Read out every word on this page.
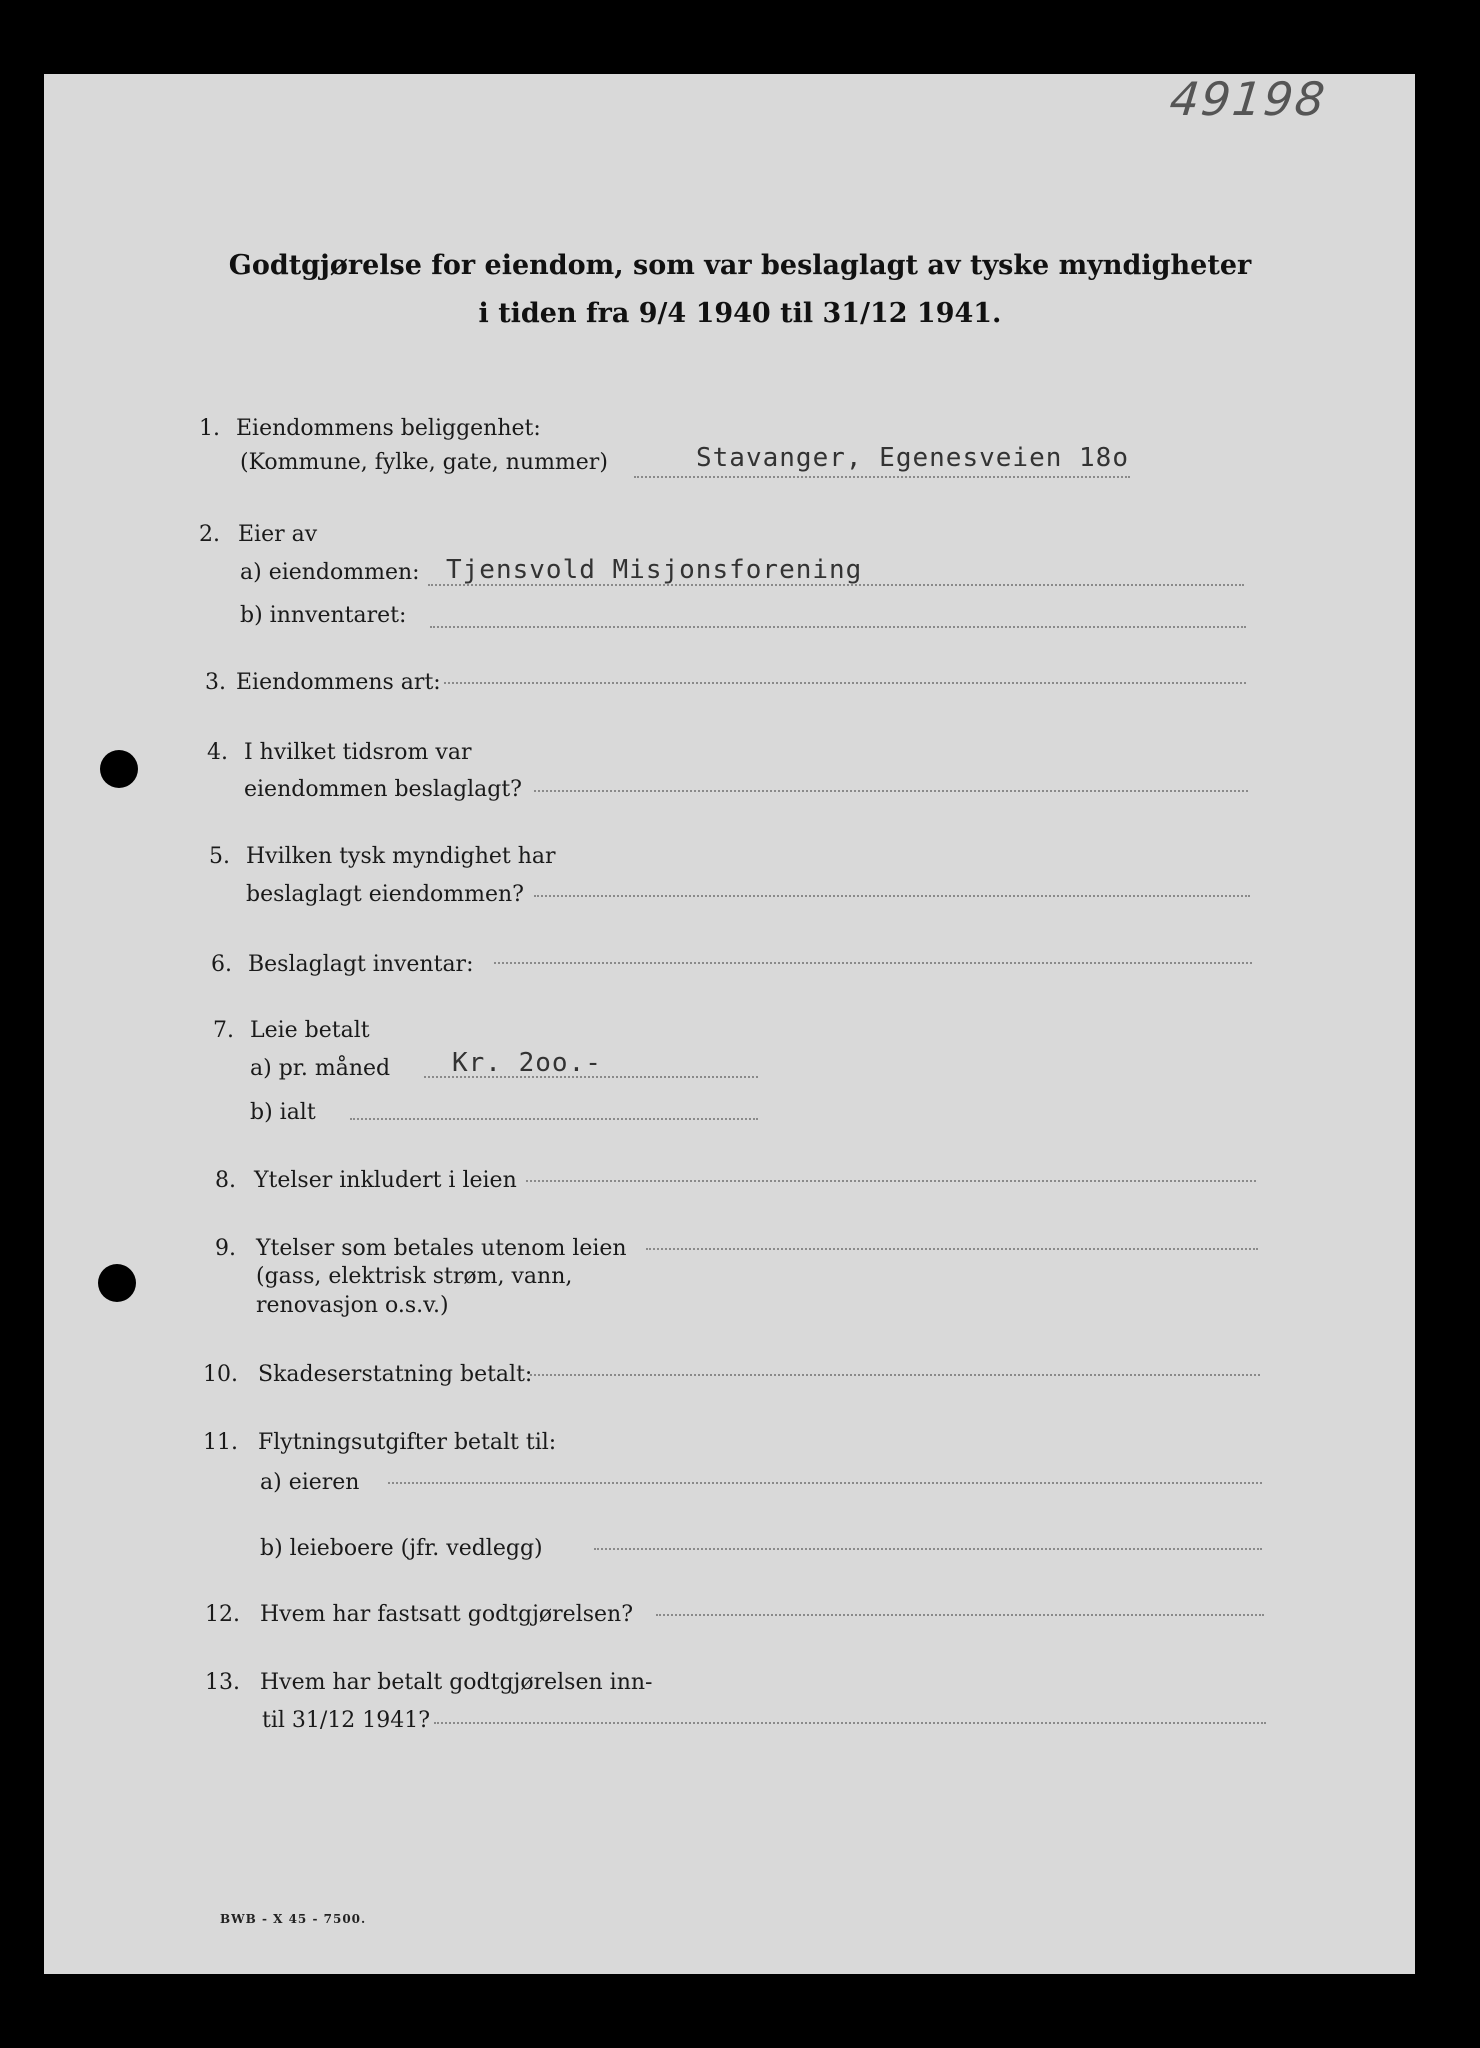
49198
Godtgjørelse for eiendom, som var beslaglagt av tyske myndigheter
i tiden fra 9/4 1940 til 31/12 1941.
1. Eiendommens beliggenhet:
(Kommune, fylke, gate, nummer)	Stavanger, Egenesveien 18o
2. Eier av
a) eiendommen: Tjensvold Misjonsforening
b) innventaret:
3. Eiendommens art:
4. I hvilket tidsrom var
eiendommen beslaglagt?
5. Hvilken tysk myndighet har
beslaglagt eiendommen?
6. Beslaglagt inventar:
7. Leie betalt
a) pr. måned Kr. 2oo.-
b) ialt
8. Ytelser inkludert i leien
9. Ytelser som betales utenom leien
(gass, elektrisk strøm, vann,
renovasjon o.s.v.)
10. Skadeserstatning betalt:
11. Flytningsutgifter betalt til:
a) eieren
b) leieboere (jfr. vedlegg)
12. Hvem har fastsatt godtgjørelsen?
13. Hvem har betalt godtgjørelsen inn-
til 31/12 1941?
BWB - X 45 - 7500.
